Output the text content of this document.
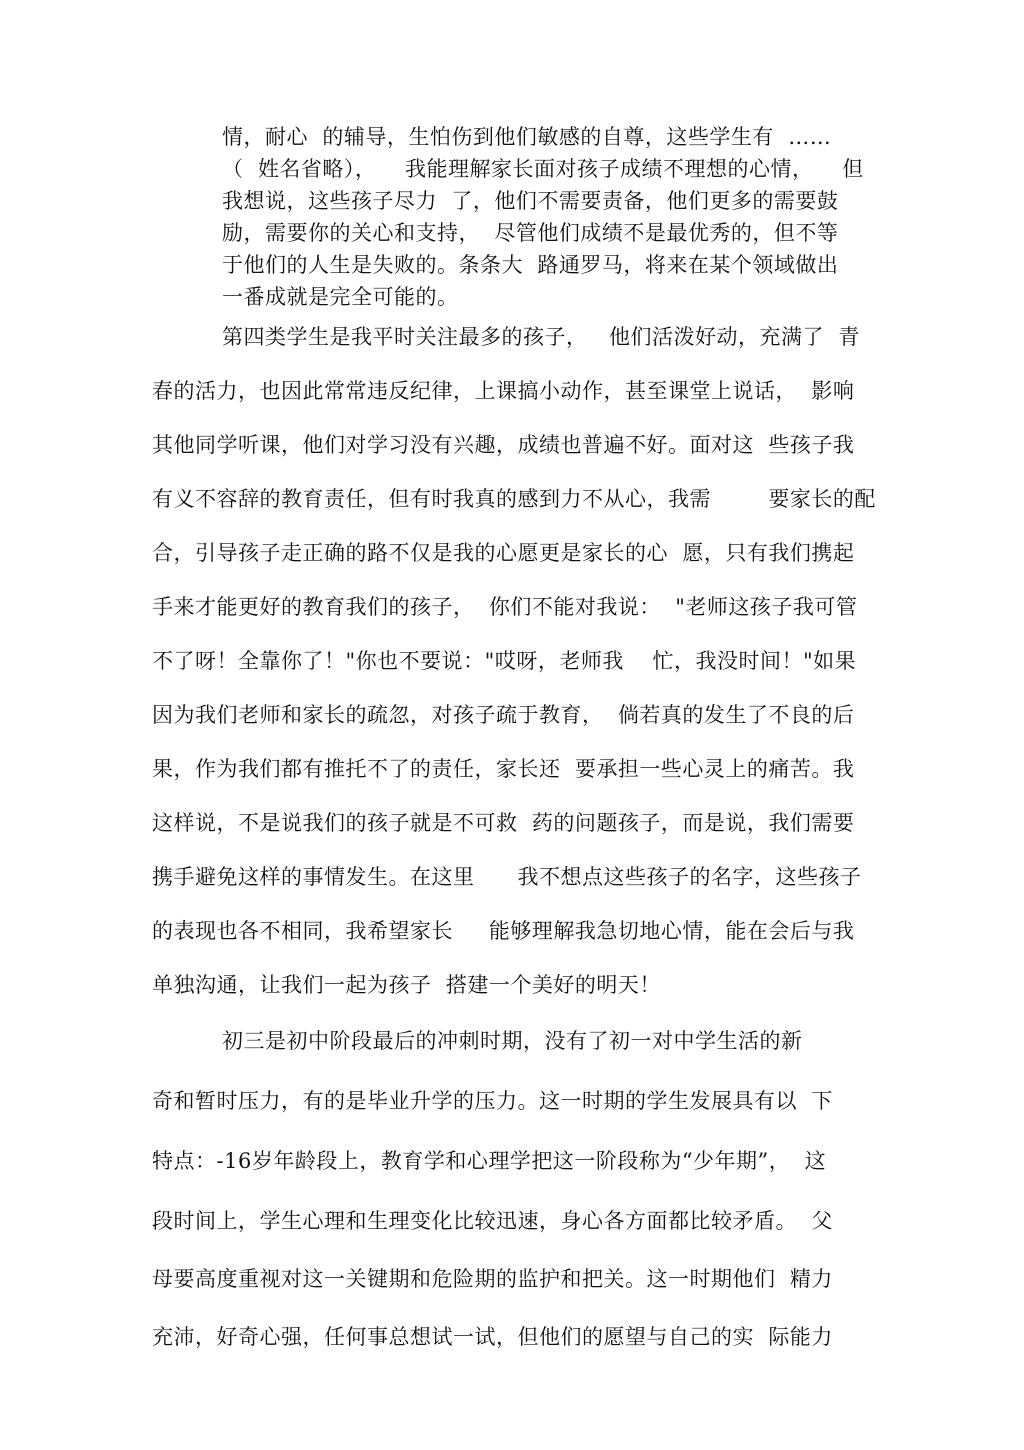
情，耐心  的辅导，生怕伤到他们敏感的自尊，这些学生有  ……
（  姓名省略），    我能理解家长面对孩子成绩不理想的心情，    但
我想说，这些孩子尽力  了，他们不需要责备，他们更多的需要鼓
励，需要你的关心和支持，  尽管他们成绩不是最优秀的，但不等
于他们的人生是失败的。条条大  路通罗马，将来在某个领域做出
一番成就是完全可能的。
第四类学生是我平时关注最多的孩子，   他们活泼好动，充满了  青
春的活力，也因此常常违反纪律，上课搞小动作，甚至课堂上说话，  影响
其他同学听课，他们对学习没有兴趣，成绩也普遍不好。面对这  些孩子我
有义不容辞的教育责任，但有时我真的感到力不从心，我需        要家长的配
合，引导孩子走正确的路不仅是我的心愿更是家长的心  愿，只有我们携起
手来才能更好的教育我们的孩子，  你们不能对我说：  "老师这孩子我可管
不了呀！全靠你了！"你也不要说："哎呀，老师我    忙，我没时间！"如果
因为我们老师和家长的疏忽，对孩子疏于教育，  倘若真的发生了不良的后
果，作为我们都有推托不了的责任，家长还  要承担一些心灵上的痛苦。我
这样说，不是说我们的孩子就是不可救  药的问题孩子，而是说，我们需要
携手避免这样的事情发生。在这里      我不想点这些孩子的名字，这些孩子
的表现也各不相同，我希望家长     能够理解我急切地心情，能在会后与我
单独沟通，让我们一起为孩子  搭建一个美好的明天！
初三是初中阶段最后的冲刺时期，没有了初一对中学生活的新
奇和暂时压力，有的是毕业升学的压力。这一时期的学生发展具有以  下
特点：-16岁年龄段上，教育学和心理学把这一阶段称为“少年期”，  这
段时间上，学生心理和生理变化比较迅速，身心各方面都比较矛盾。  父
母要高度重视对这一关键期和危险期的监护和把关。这一时期他们  精力
充沛，好奇心强，任何事总想试一试，但他们的愿望与自己的实  际能力
